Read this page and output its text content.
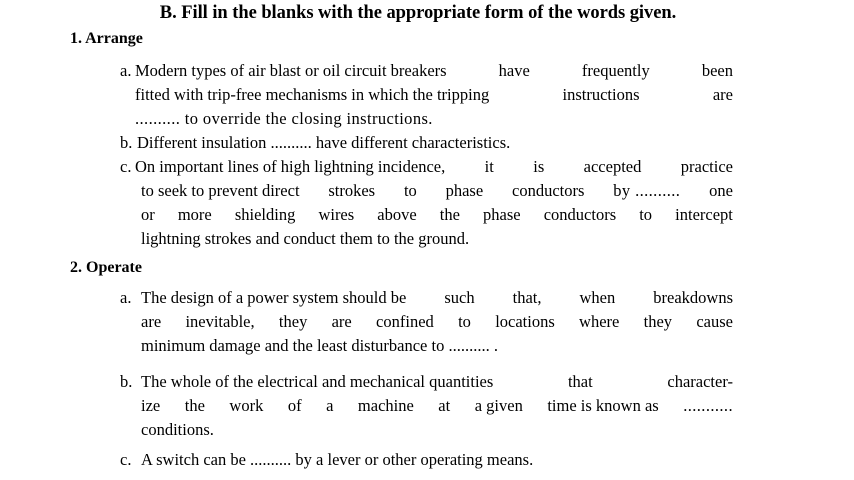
B. Fill in the blanks with the appropriate form of the words given.
1. Arrange
a. Modern types of air blast or oil circuit breakers	have	frequently	been
fitted with trip-free mechanisms in which the tripping	instructions	are
.......... to override the closing instructions.
b. Different insulation .......... have different characteristics.
c. On important lines of high lightning incidence, it is accepted practice
to seek to prevent direct strokes to phase conductors by .......... one
or more shielding wires above the phase conductors to intercept
lightning strokes and conduct them to the ground.
2. Operate
a. The design of a power system should be such that, when breakdowns
are inevitable, they are confined to locations where they cause
minimum damage and the least disturbance to .......... .
b. The whole of the electrical and mechanical quantities	that	character-
ize the work of a machine at a given time is known as ...........
conditions.
c. A switch can be .......... by a lever or other operating means.
